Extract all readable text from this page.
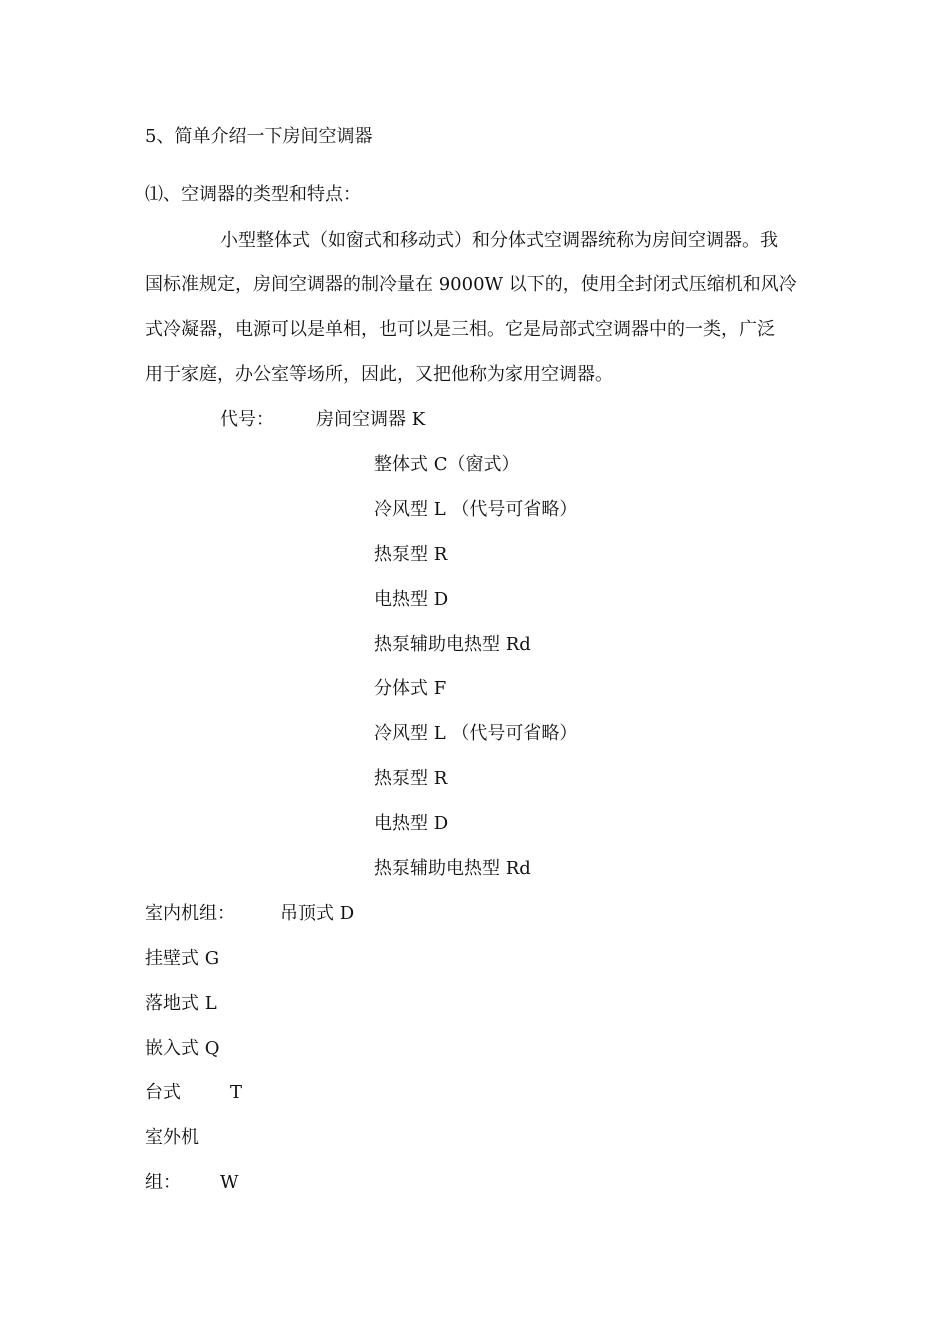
5、简单介绍一下房间空调器
⑴、空调器的类型和特点：
小型整体式（如窗式和移动式）和分体式空调器统称为房间空调器。我
国标准规定，房间空调器的制冷量在 9000W 以下的，使用全封闭式压缩机和风冷
式冷凝器，电源可以是单相，也可以是三相。它是局部式空调器中的一类，广泛
用于家庭，办公室等场所，因此，又把他称为家用空调器。
代号： 房间空调器 K
整体式 C（窗式）
冷风型 L （代号可省略）
热泵型 R
电热型 D
热泵辅助电热型 Rd
分体式 F
冷风型 L （代号可省略）
热泵型 R
电热型 D
热泵辅助电热型 Rd
室内机组：	吊顶式 D
挂壁式 G
落地式 L
嵌入式 Q
台式	T
室外机
组： W
